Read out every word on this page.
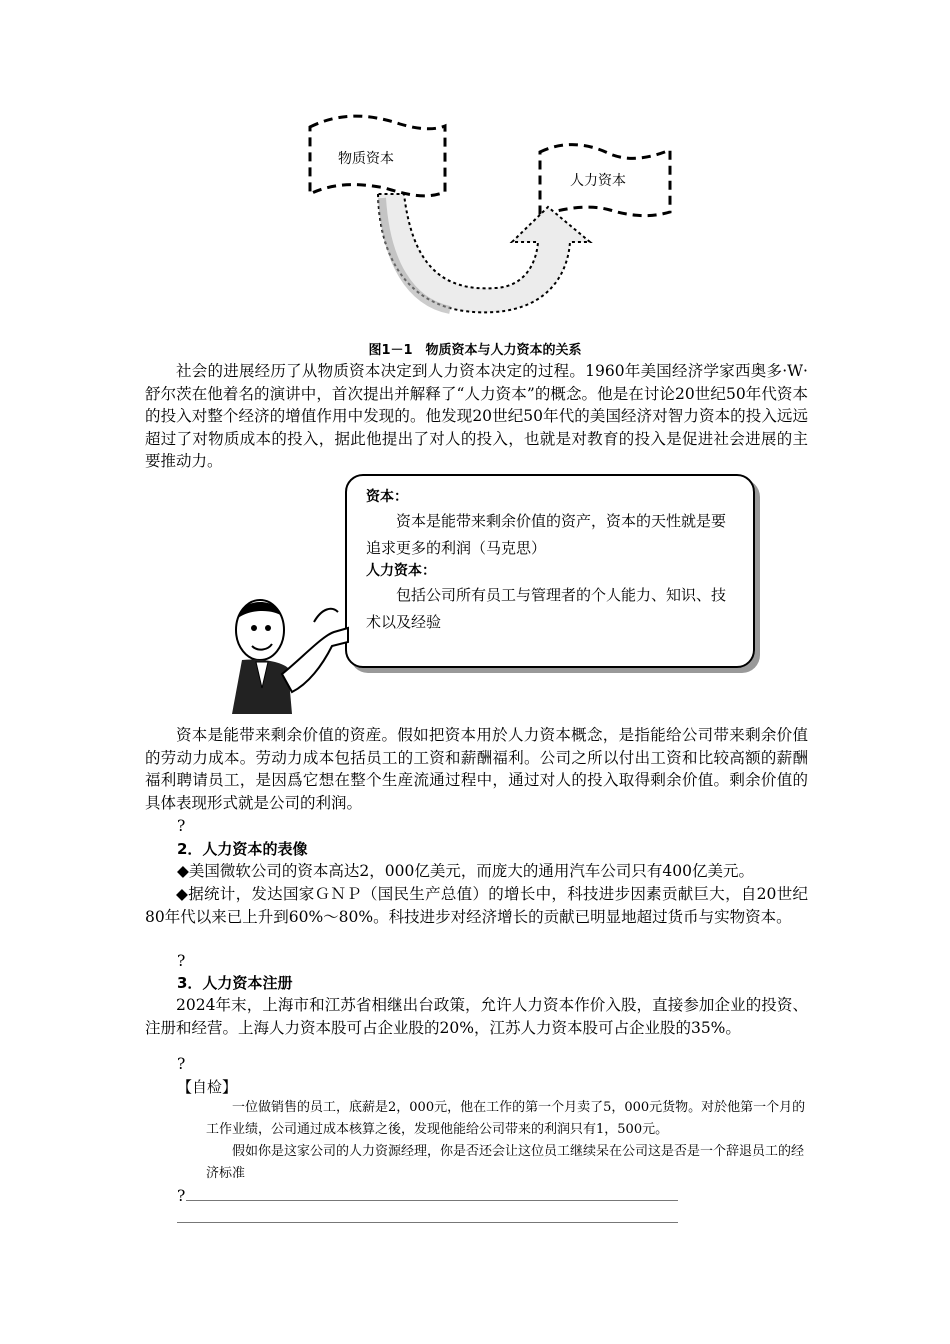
物质资本
人力资本
图1－1　物质资本与人力资本的关系
社会的进展经历了从物质资本决定到人力资本决定的过程。1960年美国经济学家西奥多·W·舒尔茨在他着名的演讲中，首次提出并解释了“人力资本”的概念。他是在讨论20世纪50年代资本的投入对整个经济的增值作用中发现的。他发现20世纪50年代的美国经济对智力资本的投入远远超过了对物质成本的投入，据此他提出了对人的投入，也就是对教育的投入是促进社会进展的主要推动力。
资本：
资本是能带来剩余价值的资产，资本的天性就是要追求更多的利润（马克思）
人力资本：
包括公司所有员工与管理者的个人能力、知识、技术以及经验
资本是能带来剩余价值的资産。假如把资本用於人力资本概念，是指能给公司带来剩余价值的劳动力成本。劳动力成本包括员工的工资和薪酬福利。公司之所以付出工资和比较高额的薪酬福利聘请员工，是因爲它想在整个生産流通过程中，通过对人的投入取得剩余价值。剩余价值的具体表现形式就是公司的利润。
?
2．人力资本的表像
◆美国微软公司的资本高达2，000亿美元，而庞大的通用汽车公司只有400亿美元。
◆据统计，发达国家ＧＮＰ（国民生产总值）的增长中，科技进步因素贡献巨大，自20世纪80年代以来已上升到60%～80%。科技进步对经济增长的贡献已明显地超过货币与实物资本。
?
3．人力资本注册
2024年末，上海市和江苏省相继出台政策，允许人力资本作价入股，直接参加企业的投资、注册和经营。上海人力资本股可占企业股的20%，江苏人力资本股可占企业股的35%。
?
【自检】
一位做销售的员工，底薪是2，000元，他在工作的第一个月卖了5，000元货物。对於他第一个月的工作业绩，公司通过成本核算之後，发现他能给公司带来的利润只有1，500元。
假如你是这家公司的人力资源经理，你是否还会让这位员工继续呆在公司这是否是一个辞退员工的经济标准
?
